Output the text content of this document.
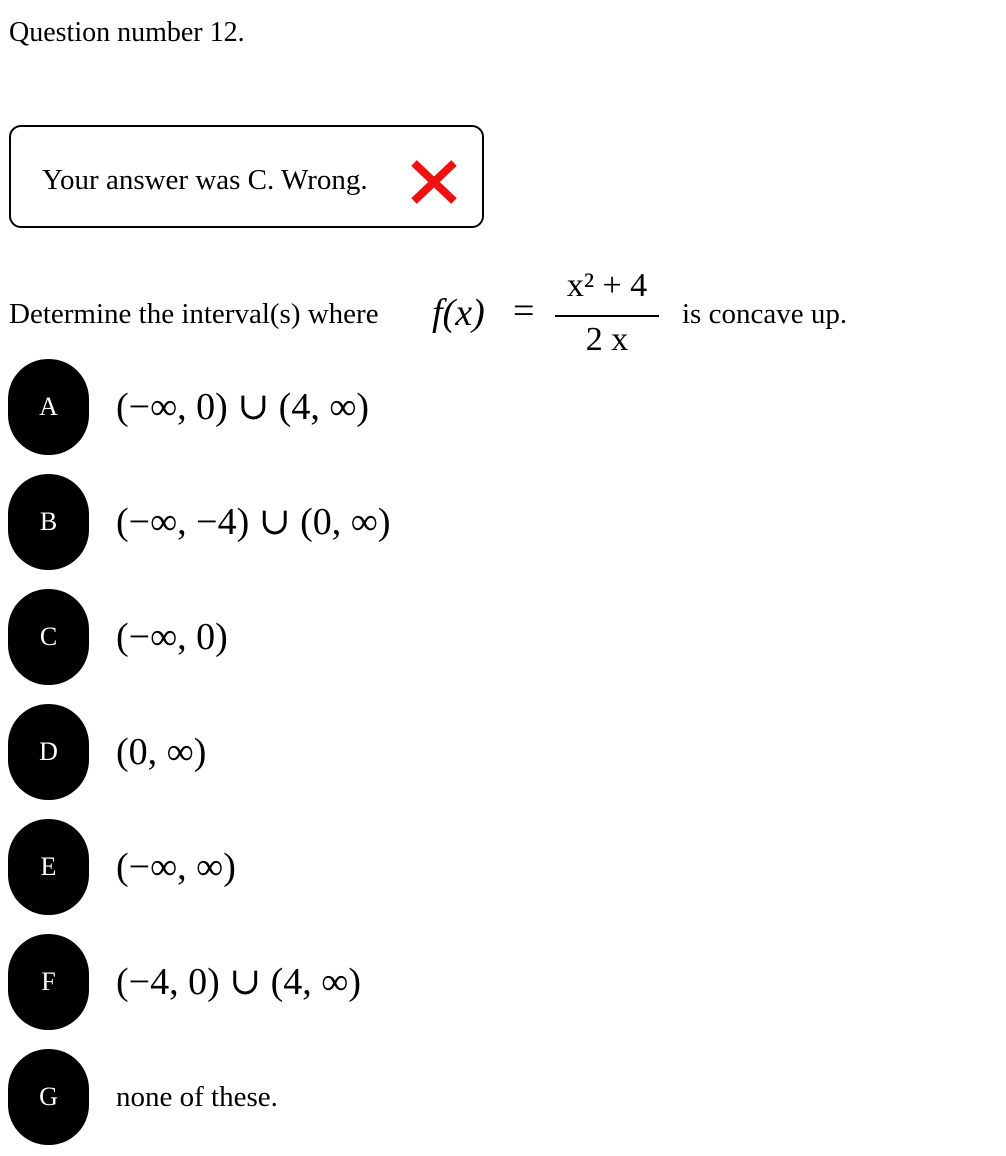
Question number 12.
Your answer was C. Wrong.
Determine the interval(s) where f(x) =
x² + 4
2 x
is concave up.
A	(−∞, 0) ∪ (4, ∞)
B	(−∞, −4) ∪ (0, ∞)
C	(−∞, 0)
D	(0, ∞)
E	(−∞, ∞)
F	(−4, 0) ∪ (4, ∞)
G	none of these.
